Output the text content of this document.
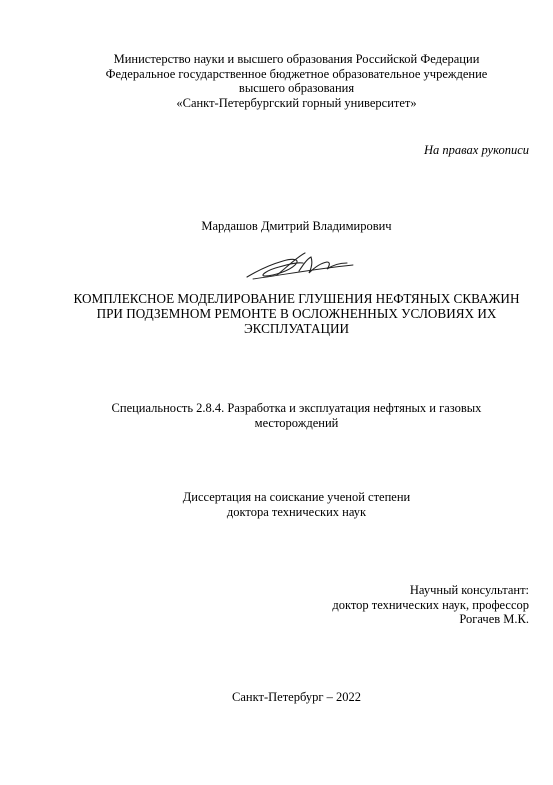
Министерство науки и высшего образования Российской Федерации
Федеральное государственное бюджетное образовательное учреждение
высшего образования
«Санкт-Петербургский горный университет»
На правах рукописи
Мардашов Дмитрий Владимирович
КОМПЛЕКСНОЕ МОДЕЛИРОВАНИЕ ГЛУШЕНИЯ НЕФТЯНЫХ СКВАЖИН
ПРИ ПОДЗЕМНОМ РЕМОНТЕ В ОСЛОЖНЕННЫХ УСЛОВИЯХ ИХ
ЭКСПЛУАТАЦИИ
Специальность 2.8.4. Разработка и эксплуатация нефтяных и газовых
месторождений
Диссертация на соискание ученой степени
доктора технических наук
Научный консультант:
доктор технических наук, профессор
Рогачев М.К.
Санкт-Петербург – 2022
